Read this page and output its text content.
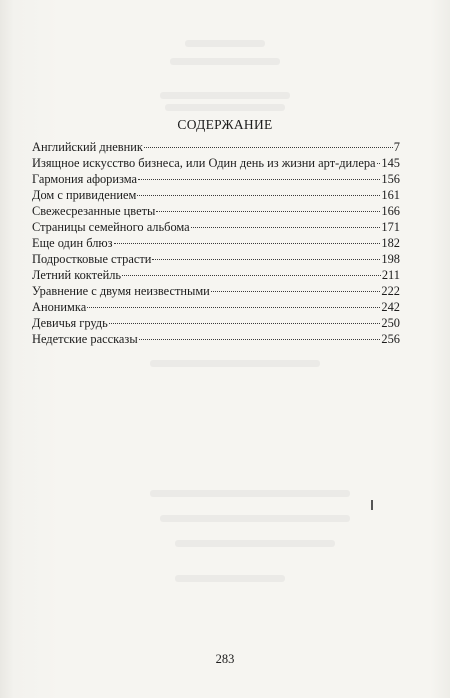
СОДЕРЖАНИЕ
Английский дневник	7
Изящное искусство бизнеса, или Один день из жизни арт-дилера 145
Гармония афоризма	156
Дом с привидением	161
Свежесрезанные цветы	166
Страницы семейного альбома	171
Еще один блюз	182
Подростковые страсти	198
Летний коктейль	211
Уравнение с двумя неизвестными	222
Анонимка	242
Девичья грудь	250
Недетские рассказы	256
283
